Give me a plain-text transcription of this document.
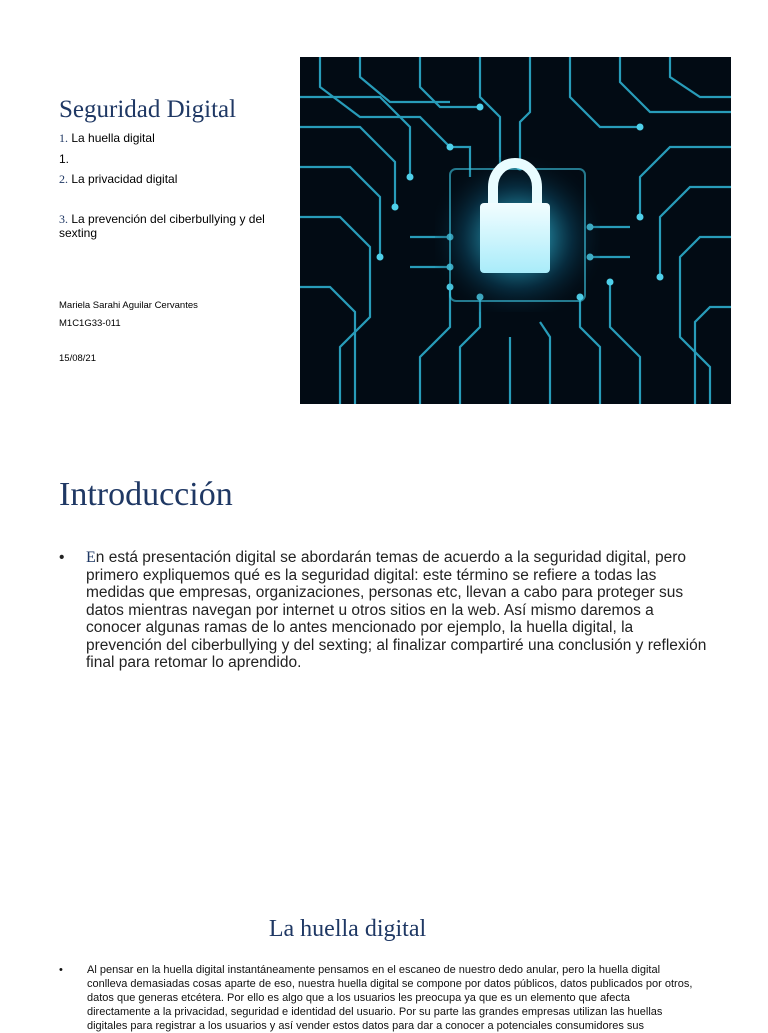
Seguridad Digital
1. La huella digital
1.
2. La privacidad digital
3. La prevención del ciberbullying y del sexting
Mariela Sarahi Aguilar Cervantes
M1C1G33-011
15/08/21
Introducción
• En está presentación digital se abordarán temas de acuerdo a la seguridad digital, pero primero expliquemos qué es la seguridad digital: este término se refiere a todas las medidas que empresas, organizaciones, personas etc, llevan a cabo para proteger sus datos mientras navegan por internet u otros sitios en la web. Así mismo daremos a conocer algunas ramas de lo antes mencionado por ejemplo, la huella digital, la prevención del ciberbullying y del sexting; al finalizar compartiré una conclusión y reflexión final para retomar lo aprendido.
La huella digital
• Al pensar en la huella digital instantáneamente pensamos en el escaneo de nuestro dedo anular, pero la huella digital conlleva demasiadas cosas aparte de eso, nuestra huella digital se compone por datos públicos, datos publicados por otros, datos que generas etcétera. Por ello es algo que a los usuarios les preocupa ya que es un elemento que afecta directamente a la privacidad, seguridad e identidad del usuario. Por su parte las grandes empresas utilizan las huellas digitales para registrar a los usuarios y así vender estos datos para dar a conocer a potenciales consumidores sus
